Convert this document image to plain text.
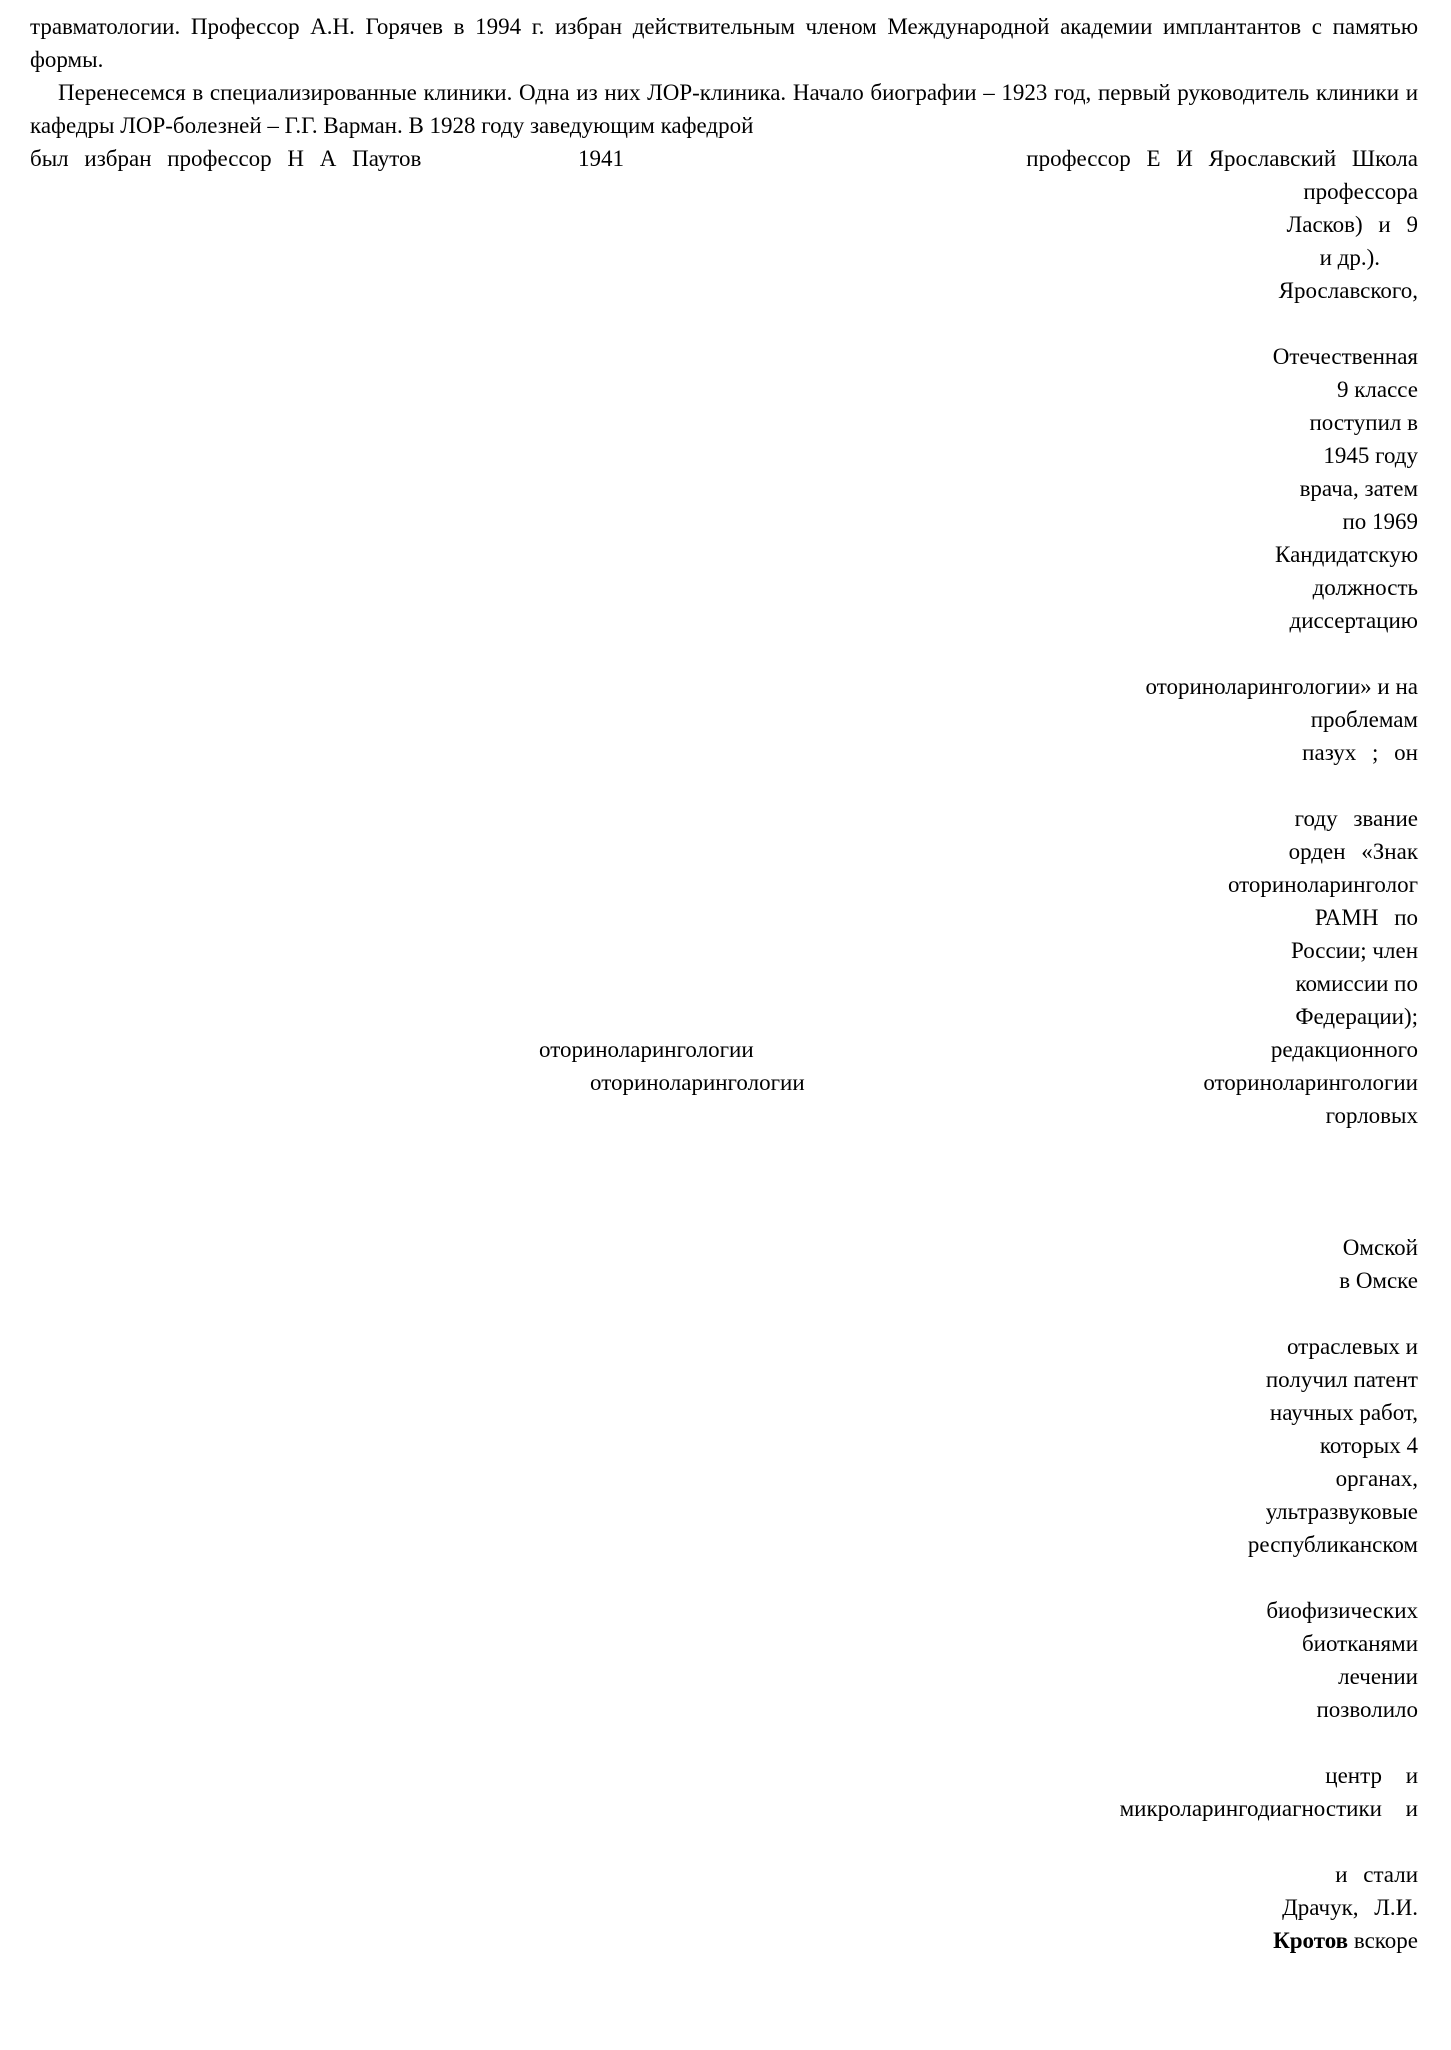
травматологии. Профессор А.Н. Горячев в 1994 г. избран действительным членом Международной академии имплантантов с памятью формы.

Перенесемся в специализированные клиники. Одна из них ЛОР-клиника. Начало биографии – 1923 год, первый руководитель клиники и кафедры ЛОР-болезней – Г.Г. Варман. В 1928 году заведующим кафедрой

был избран профессор Н А Паутов	1941	профессор Е И Ярославский Школа
профессора
Ласков) и 9
и др.).
Ярославского,
Отечественная
9 классе
поступил в
1945 году
врача, затем
по 1969
Кандидатскую
должность
диссертацию
оториноларингологии» и на
проблемам
пазух ; он
году звание
орден «Знак
оториноларинголог
РАМН по
России; член
комиссии по
Федерации);
оториноларингологии	редакционного
оториноларингологии	оториноларингологии
горловых
Омской
в Омске
отраслевых и
получил патент
научных работ,
которых 4
органах,
ультразвуковые
республиканском
биофизических
биотканями
лечении
позволило
центр и
микроларингодиагностики и
и стали
Драчук, Л.И.
Кротов вскоре
